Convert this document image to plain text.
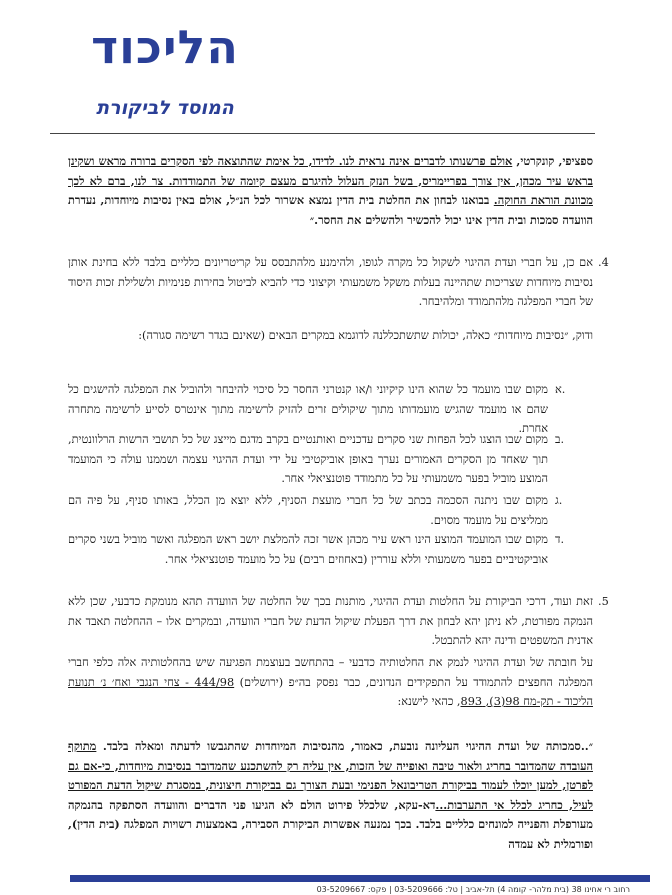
הליכוד
המוסד לביקורת
ספציפי, קונקרטי, אולם פרשנותו לדברים אינה נראית לנו. לדידו, כל אימת שהתוצאה לפי הסקרים ברורה מראש ושקינן בראש עיר מכהן, אין צורך בפריימריס, בשל הנזק העלול להיגרם מעצם קיומה של התמודדות. צר לנו, ברם לא לכך מכוונת הוראת החוקה. בבואנו לבחון את החלטת בית הדין נמצא אשרור לכל הנ״ל, אולם באין נסיבות מיוחדות, נעדרת הוועדה סמכות ובית הדין אינו יכול להכשיר ולהשלים את החסר.״
.4
אם כן, על חברי ועדת ההיגוי לשקול כל מקרה לגופו, ולהימנע מלהתבסס על קריטריונים כלליים בלבד ללא בחינת אותן נסיבות מיוחדות שצריכות שתהיינה בעלות משקל משמעותי וקיצוני כדי להביא לביטול בחירות פנימיות ולשלילת זכות היסוד של חברי המפלגה מלהתמודד ומלהיבחר.
ודוק, ״נסיבות מיוחדות״ כאלה, יכולות שתשתכללנה לדוגמא במקרים הבאים (שאינם בגדר רשימה סגורה):
א.
מקום שבו מועמד כל שהוא הינו קיקיוני ו/או קנטרני החסר כל סיכוי להיבחר ולהוביל את המפלגה להישגים כל שהם או מועמד שהגיש מועמדותו מתוך שיקולים זרים להזיק לרשימה מתוך אינטרס לסייע לרשימה מתחרה אחרת.
ב.
מקום שבו הוצגו לכל הפחות שני סקרים עדכניים ואותנטיים בקרב מדגם מייצג של כל תושבי הרשות הרלוונטית, תוך שאחד מן הסקרים האמורים נערך באופן אוביקטיבי על ידי ועדת ההיגוי עצמה ושממנו עולה כי המועמד המוצע מוביל בפער משמעותי על כל מתמודד פוטנציאלי אחר.
ג.
מקום שבו ניתנה הסכמה בכתב של כל חברי מועצת הסניף, ללא יוצא מן הכלל, באותו סניף, על פיה הם ממליצים על מועמד מסוים.
ד.
מקום שבו המועמד המוצע הינו ראש עיר מכהן אשר זכה להמלצת יושב ראש המפלגה ואשר מוביל בשני סקרים אוביקטיביים בפער משמעותי וללא עוררין (באחוזים רבים) על כל מועמד פוטנציאלי אחר.
.5
זאת ועוד, דרכי הביקורת על החלטות ועדת ההיגוי, מותנות בכך של החלטה של הוועדה תהא מנומקת כדבעי, שכן ללא הנמקה מפורטת, לא ניתן יהא לבחון את דרך הפעלת שיקול הדעת של חברי הוועדה, ובמקרים אלו – ההחלטה תאבד את אדנית המשפטים ודינה יהא להתבטל.
על חובתה של ועדת ההיגוי לנמק את החלטותיה כדבעי – בהתחשב בעוצמת הפגיעה שיש בהחלטותיה אלה כלפי חברי המפלגה החפצים להתמודד על התפקידים הנדונים, כבר נפסק בה״פ (ירושלים) 444/98 - צחי הנגבי ואח׳ נ׳ תנועת הליכוד - תק-מח 98(3), 893, כהאי לישנא:
״..סמכותה של ועדת ההיגוי העליונה נובעת, כאמור, מהנסיבות המיוחדות שהתגבשו לדעתה ומאלה בלבד. מתוקף העובדה שהמדובר בחריג ולאור טיבה ואופייה של הזכות, אין עליה רק להשתכנע שהמדובר בנסיבות מיוחדות, כי-אם גם לפרטן, למען יוכלו לעמוד בביקורת הטריבונאל הפנימי ובעת הצורך גם בביקורת חיצונית, במסגרת שיקול הדעת המפורט לעיל, כחריג לכלל אי התערבות...דא-עקא, שלכלל פירוט הולם לא הגיעו פני הדברים והוועדה הסתפקה בהנמקה מעורפלת והפנייה למונחים כלליים בלבד. בכך נמנעה אפשרות הביקורת הסבירה, באמצעות רשויות המפלגה (בית הדין), ופורמלית לא עמדה
רחוב רי אחינו 38 (בית מלהר- קומה 4) תל-אביב | טל: 03-5209666 | פקס: 03-5209667
